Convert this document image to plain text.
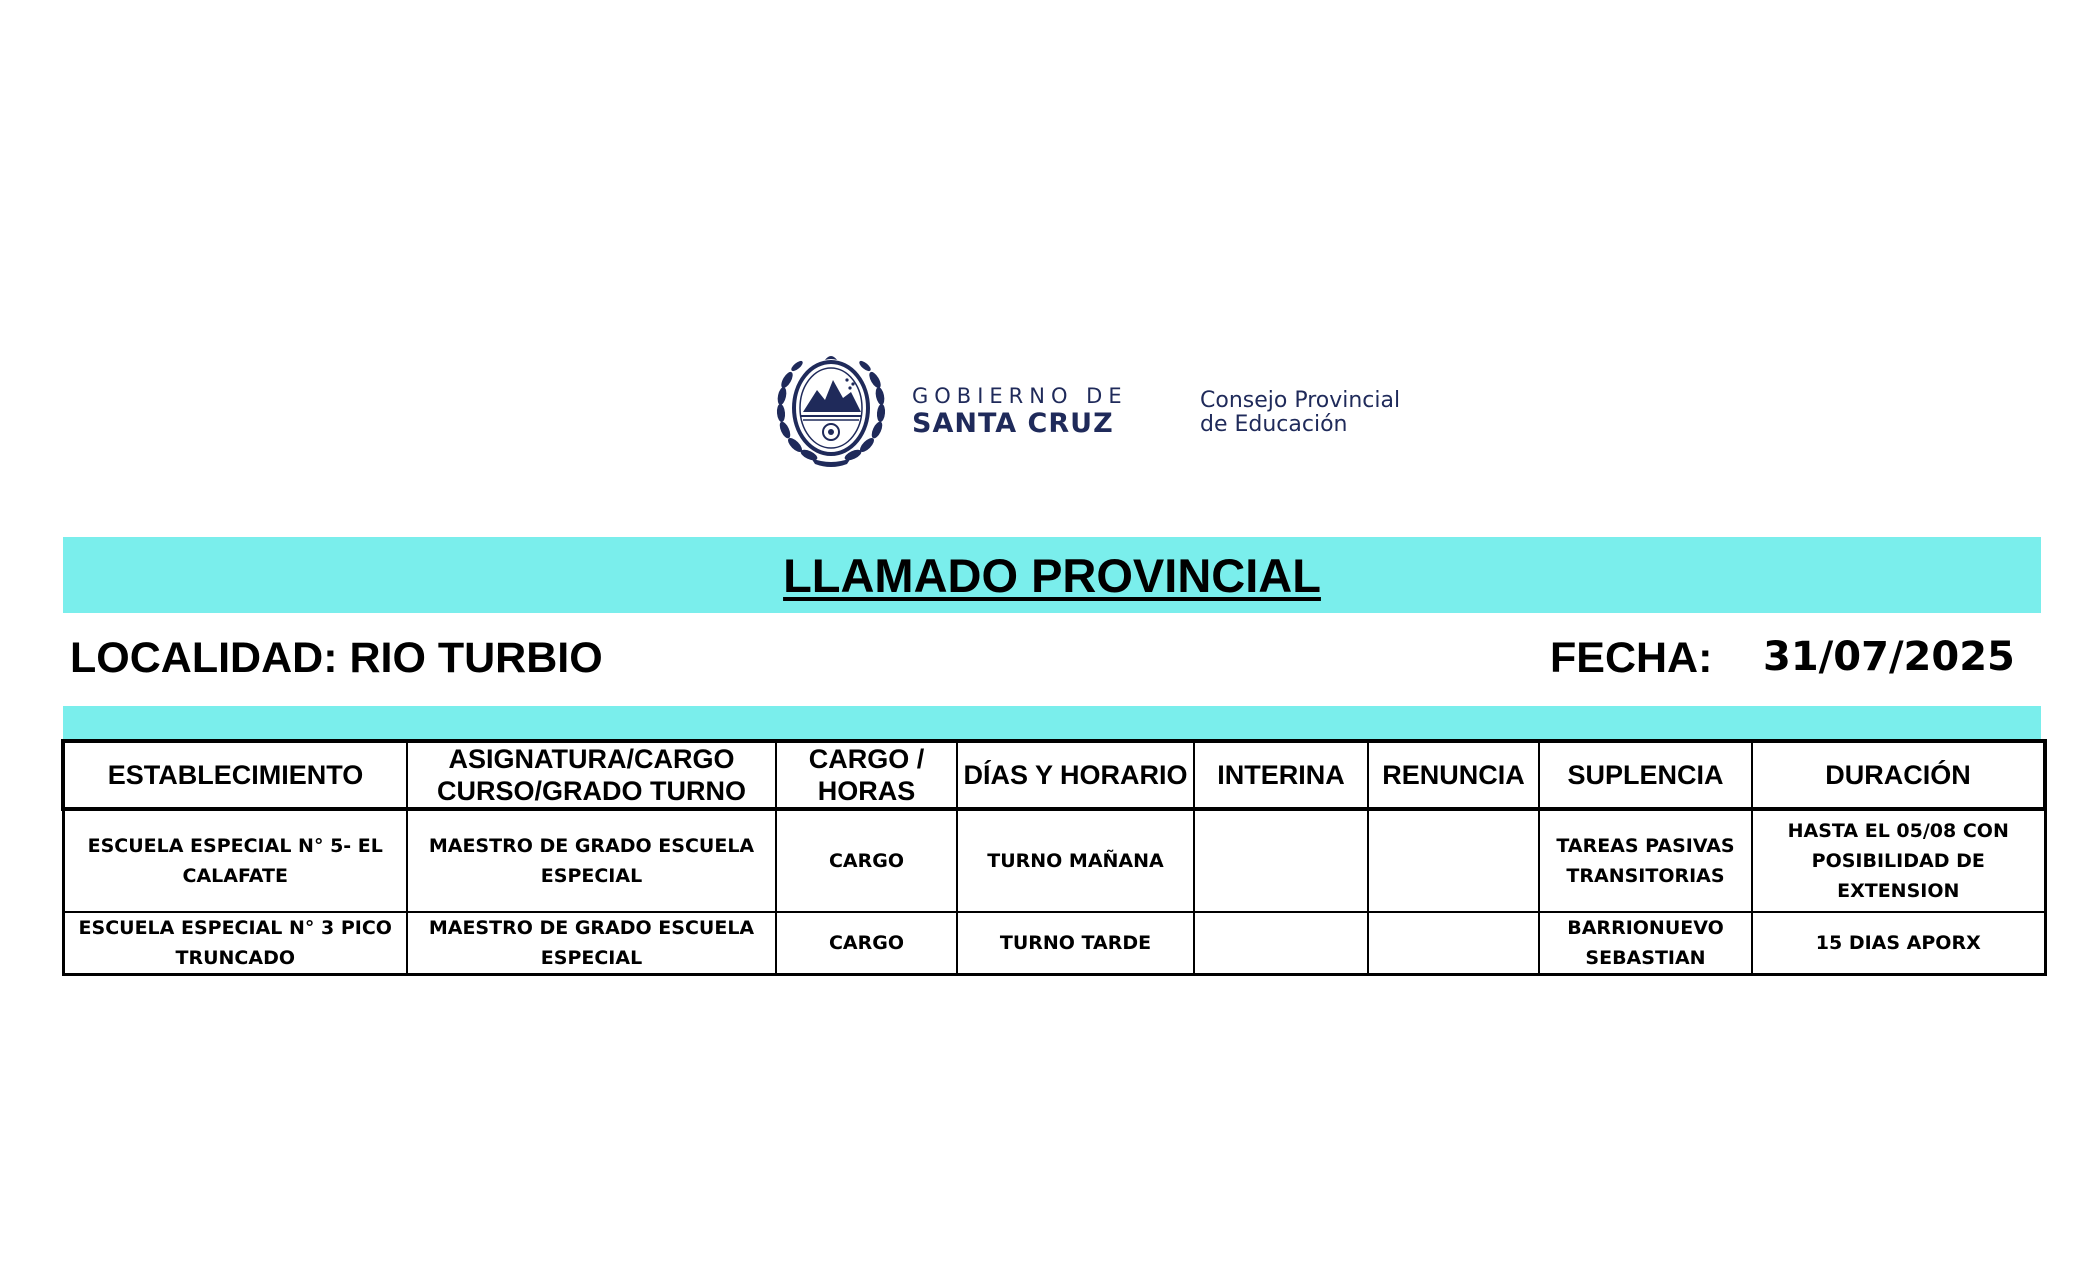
GOBIERNO DE
SANTA CRUZ
Consejo Provincial
de Educación
LLAMADO PROVINCIAL
LOCALIDAD: RIO TURBIO	FECHA: 31/07/2025
ESTABLECIMIENTO	ASIGNATURA/CARGO CURSO/GRADO TURNO	CARGO / HORAS	DÍAS Y HORARIO	INTERINA	RENUNCIA	SUPLENCIA	DURACIÓN
ESCUELA ESPECIAL N° 5- EL CALAFATE	MAESTRO DE GRADO ESCUELA ESPECIAL	CARGO	TURNO MAÑANA			TAREAS PASIVAS TRANSITORIAS	HASTA EL 05/08 CON POSIBILIDAD DE EXTENSION
ESCUELA ESPECIAL N° 3 PICO TRUNCADO	MAESTRO DE GRADO ESCUELA ESPECIAL	CARGO	TURNO TARDE			BARRIONUEVO SEBASTIAN	15 DIAS APORX
